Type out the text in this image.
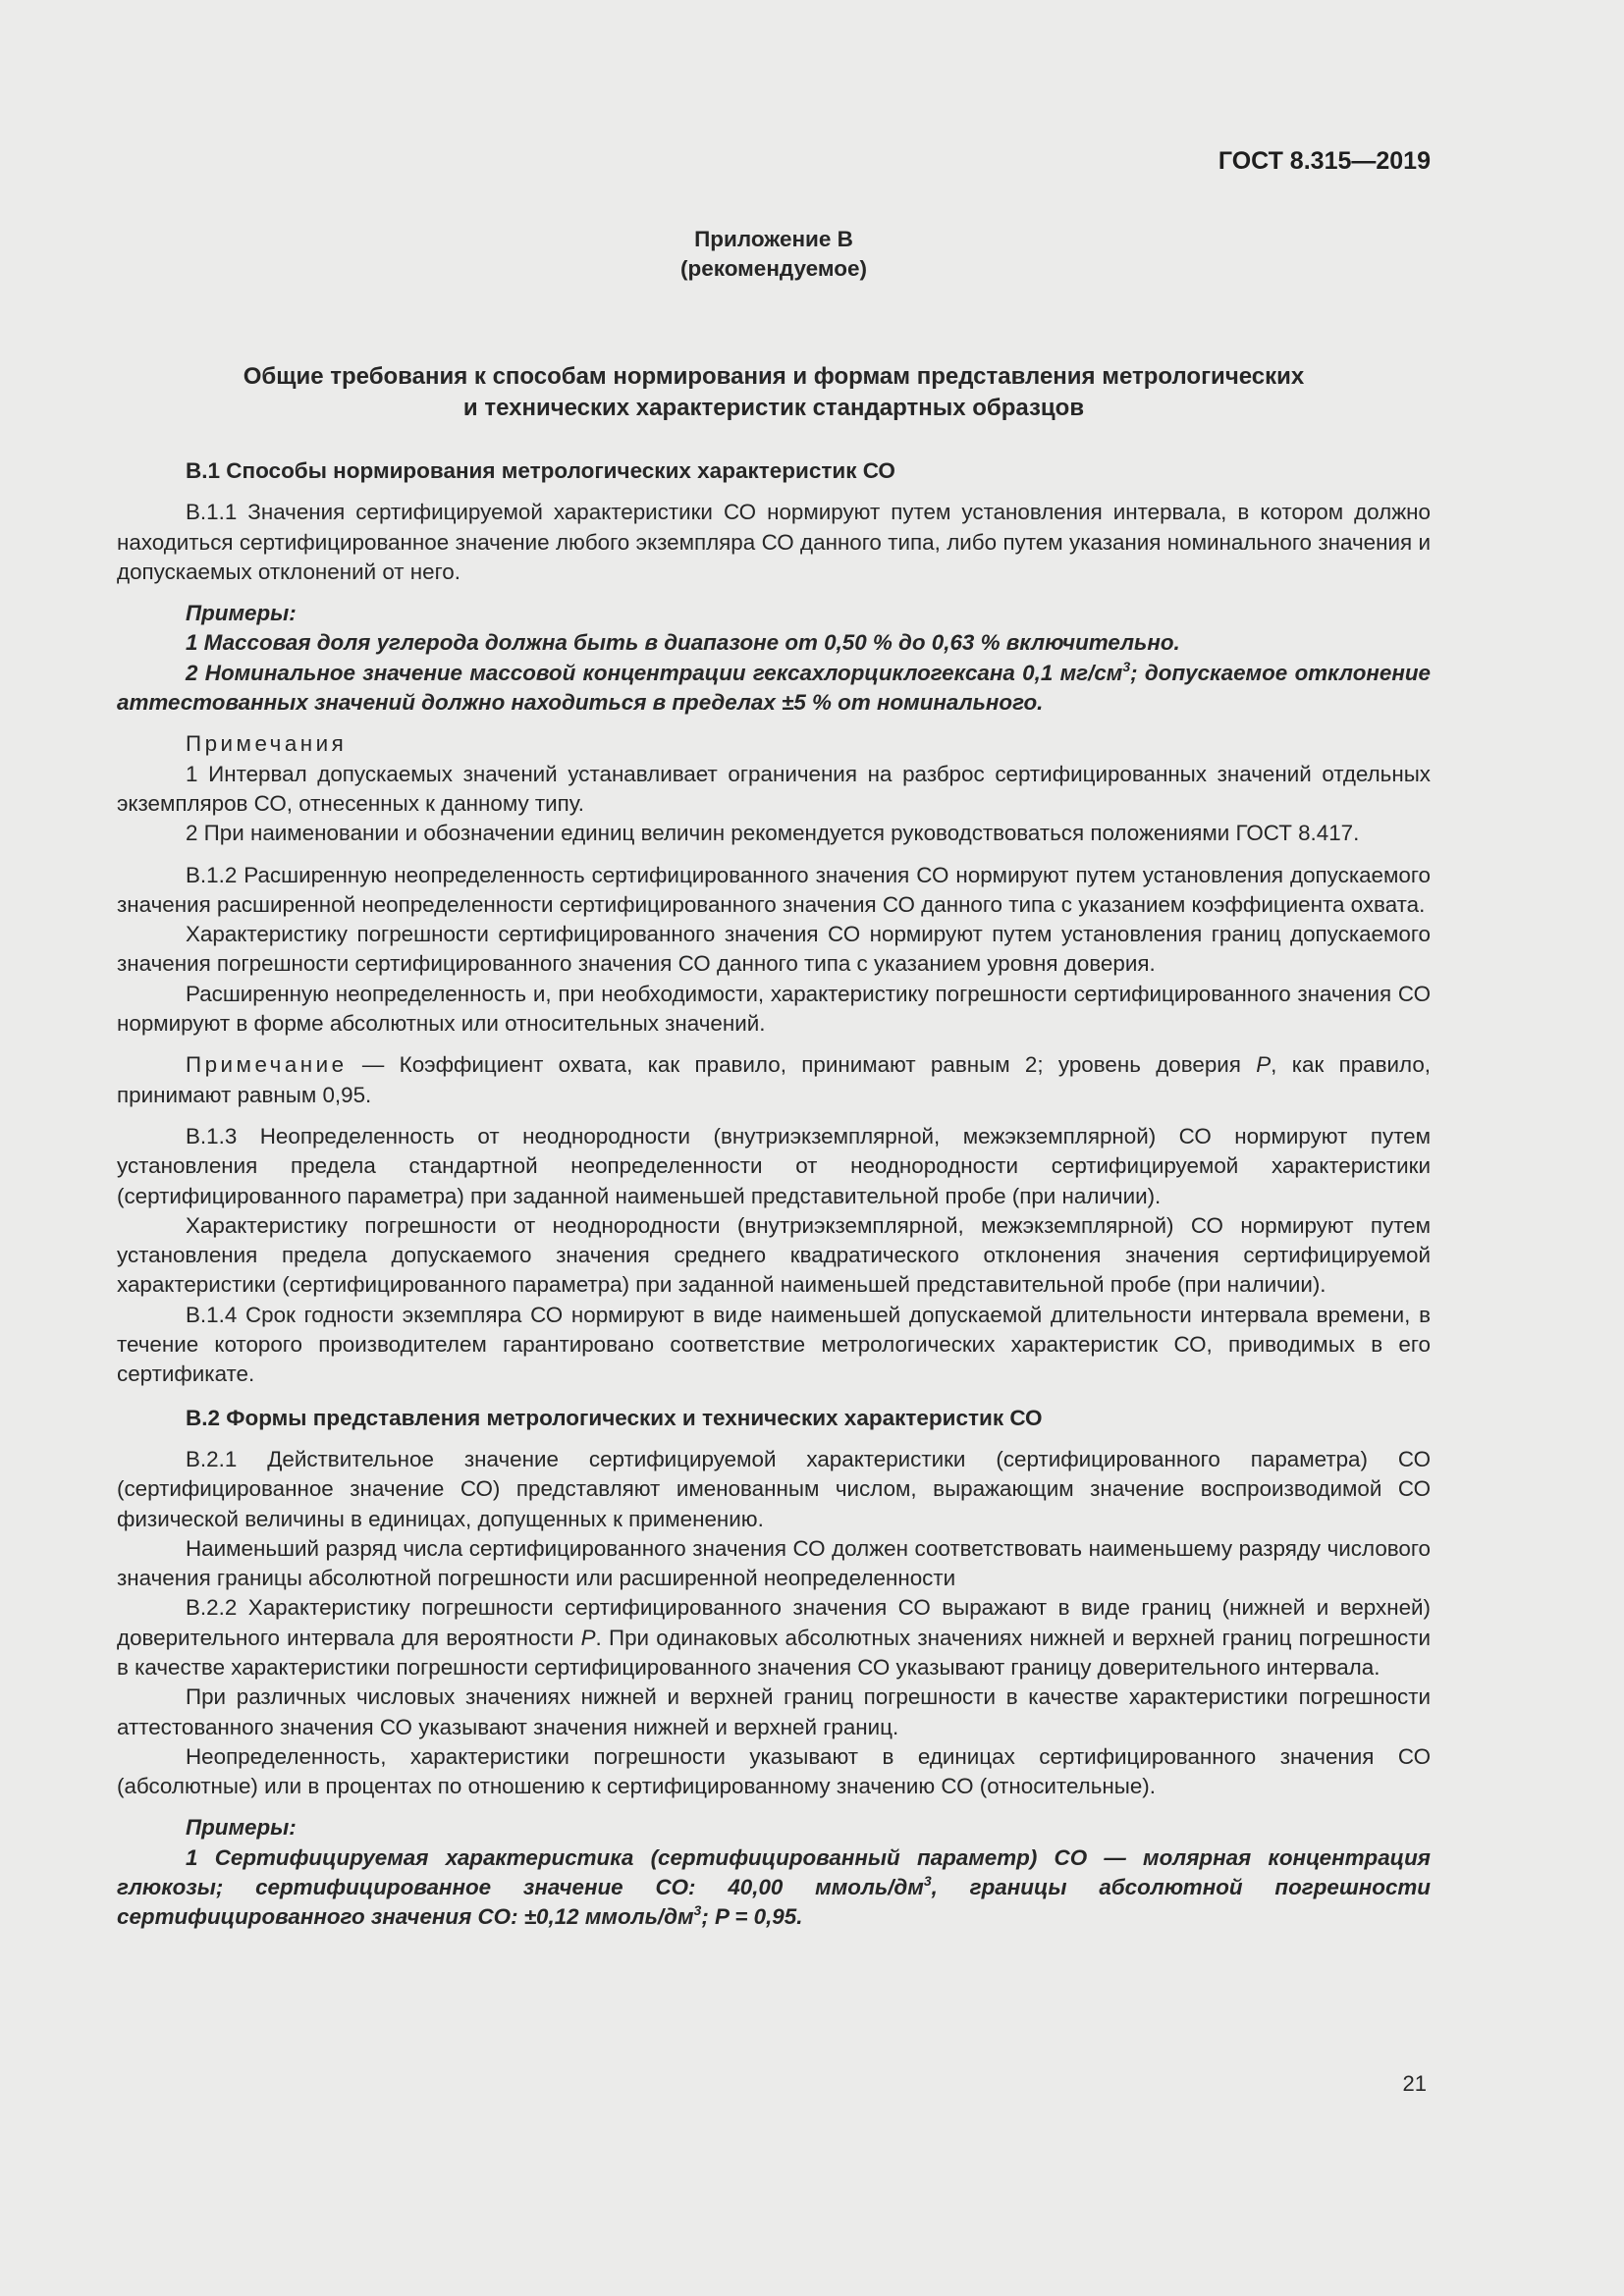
ГОСТ 8.315—2019
Приложение В
(рекомендуемое)
Общие требования к способам нормирования и формам представления метрологических
и технических характеристик стандартных образцов
В.1 Способы нормирования метрологических характеристик СО

В.1.1 Значения сертифицируемой характеристики СО нормируют путем установления интервала, в котором должно находиться сертифицированное значение любого экземпляра СО данного типа, либо путем указания номинального значения и допускаемых отклонений от него.

Примеры:

1 Массовая доля углерода должна быть в диапазоне от 0,50 % до 0,63 % включительно.

2 Номинальное значение массовой концентрации гексахлорциклогексана 0,1 $мг/см^3$; допускаемое отклонение аттестованных значений должно находиться в пределах ±5 % от номинального.

Примечания

1 Интервал допускаемых значений устанавливает ограничения на разброс сертифицированных значений отдельных экземпляров СО, отнесенных к данному типу.

2 При наименовании и обозначении единиц величин рекомендуется руководствоваться положениями ГОСТ 8.417.

В.1.2 Расширенную неопределенность сертифицированного значения СО нормируют путем установления допускаемого значения расширенной неопределенности сертифицированного значения СО данного типа с указанием коэффициента охвата.

Характеристику погрешности сертифицированного значения СО нормируют путем установления границ допускаемого значения погрешности сертифицированного значения СО данного типа с указанием уровня доверия.

Расширенную неопределенность и, при необходимости, характеристику погрешности сертифицированного значения СО нормируют в форме абсолютных или относительных значений.

Примечание — Коэффициент охвата, как правило, принимают равным 2; уровень доверия P, как правило, принимают равным 0,95.

В.1.3 Неопределенность от неоднородности (внутриэкземплярной, межэкземплярной) СО нормируют путем установления предела стандартной неопределенности от неоднородности сертифицируемой характеристики (сертифицированного параметра) при заданной наименьшей представительной пробе (при наличии).

Характеристику погрешности от неоднородности (внутриэкземплярной, межэкземплярной) СО нормируют путем установления предела допускаемого значения среднего квадратического отклонения значения сертифицируемой характеристики (сертифицированного параметра) при заданной наименьшей представительной пробе (при наличии).

В.1.4 Срок годности экземпляра СО нормируют в виде наименьшей допускаемой длительности интервала времени, в течение которого производителем гарантировано соответствие метрологических характеристик СО, приводимых в его сертификате.

В.2 Формы представления метрологических и технических характеристик СО

В.2.1 Действительное значение сертифицируемой характеристики (сертифицированного параметра) СО (сертифицированное значение СО) представляют именованным числом, выражающим значение воспроизводимой СО физической величины в единицах, допущенных к применению.

Наименьший разряд числа сертифицированного значения СО должен соответствовать наименьшему разряду числового значения границы абсолютной погрешности или расширенной неопределенности

В.2.2 Характеристику погрешности сертифицированного значения СО выражают в виде границ (нижней и верхней) доверительного интервала для вероятности P. При одинаковых абсолютных значениях нижней и верхней границ погрешности в качестве характеристики погрешности сертифицированного значения СО указывают границу доверительного интервала.

При различных числовых значениях нижней и верхней границ погрешности в качестве характеристики погрешности аттестованного значения СО указывают значения нижней и верхней границ.

Неопределенность, характеристики погрешности указывают в единицах сертифицированного значения СО (абсолютные) или в процентах по отношению к сертифицированному значению СО (относительные).

Примеры:

1 Сертифицируемая характеристика (сертифицированный параметр) СО — молярная концентрация глюкозы; сертифицированное значение СО: 40,00 ммоль/$дм^3$, границы абсолютной погрешности сертифицированного значения СО: ±0,12 ммоль/$дм^3$; P = 0,95.

21
